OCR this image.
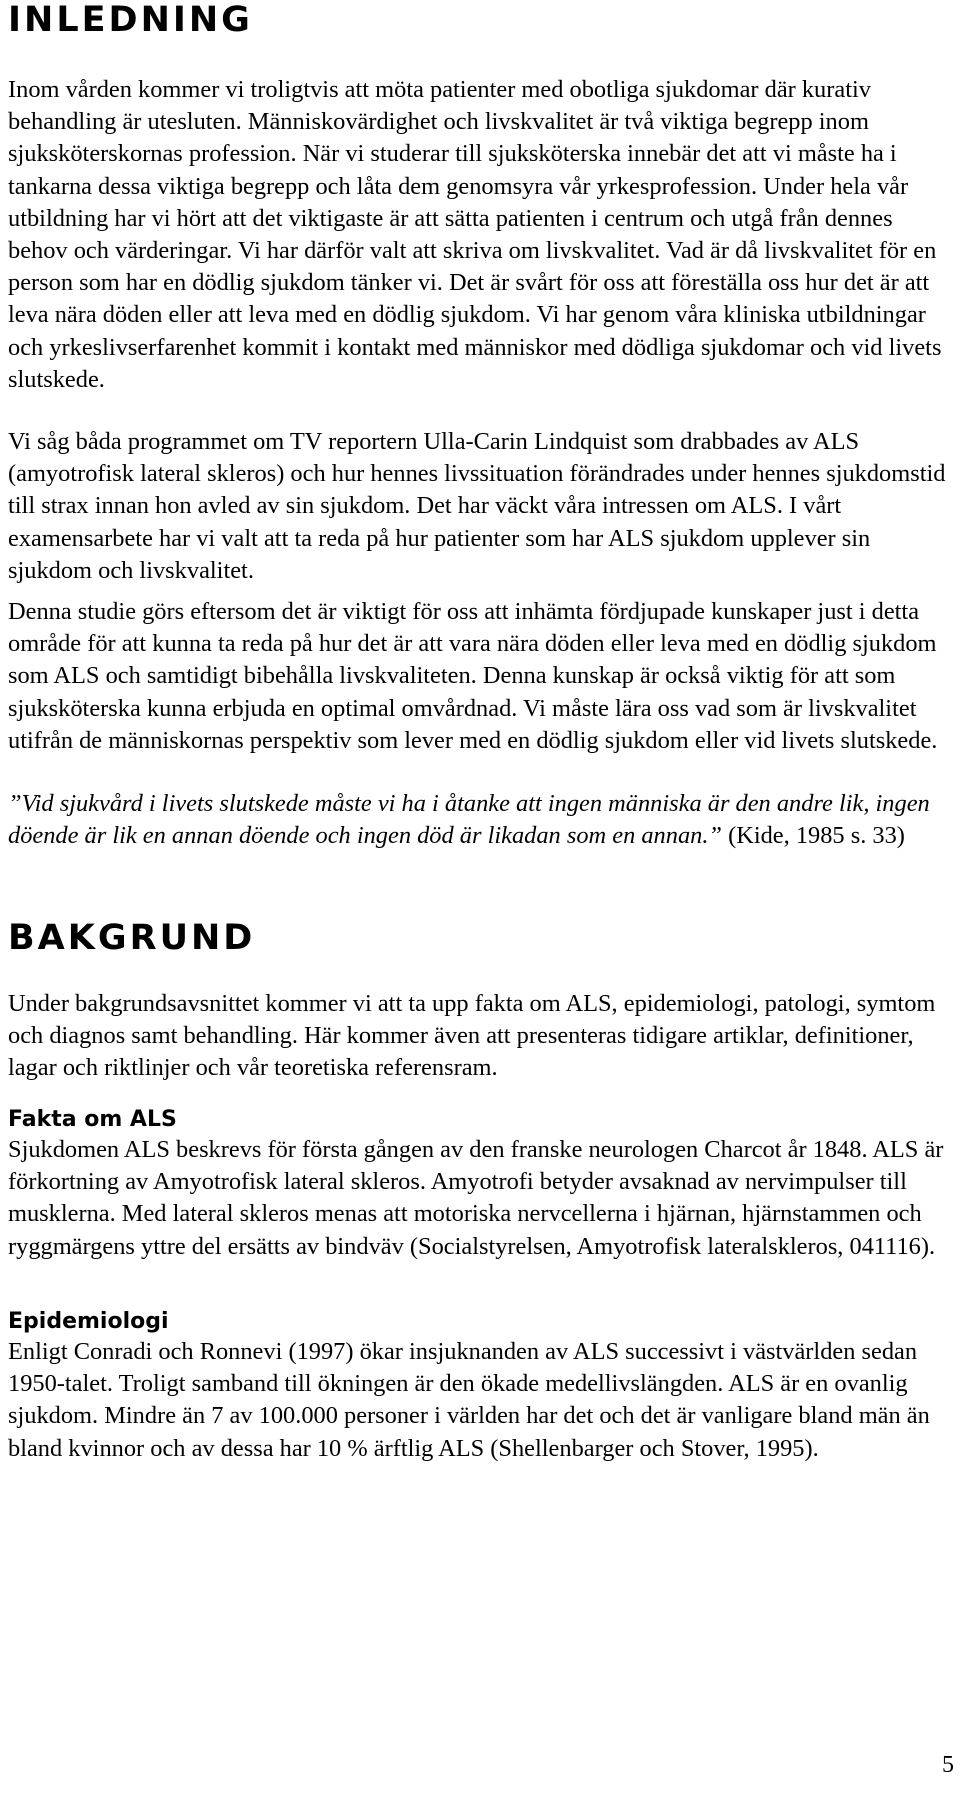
INLEDNING

Inom vården kommer vi troligtvis att möta patienter med obotliga sjukdomar där kurativ behandling är utesluten. Människovärdighet och livskvalitet är två viktiga begrepp inom sjuksköterskornas profession. När vi studerar till sjuksköterska innebär det att vi måste ha i tankarna dessa viktiga begrepp och låta dem genomsyra vår yrkesprofession. Under hela vår utbildning har vi hört att det viktigaste är att sätta patienten i centrum och utgå från dennes behov och värderingar. Vi har därför valt att skriva om livskvalitet. Vad är då livskvalitet för en person som har en dödlig sjukdom tänker vi. Det är svårt för oss att föreställa oss hur det är att leva nära döden eller att leva med en dödlig sjukdom. Vi har genom våra kliniska utbildningar och yrkeslivserfarenhet kommit i kontakt med människor med dödliga sjukdomar och vid livets slutskede.

Vi såg båda programmet om TV reportern Ulla-Carin Lindquist som drabbades av ALS (amyotrofisk lateral skleros) och hur hennes livssituation förändrades under hennes sjukdomstid till strax innan hon avled av sin sjukdom. Det har väckt våra intressen om ALS. I vårt examensarbete har vi valt att ta reda på hur patienter som har ALS sjukdom upplever sin sjukdom och livskvalitet.

Denna studie görs eftersom det är viktigt för oss att inhämta fördjupade kunskaper just i detta område för att kunna ta reda på hur det är att vara nära döden eller leva med en dödlig sjukdom som ALS och samtidigt bibehålla livskvaliteten. Denna kunskap är också viktig för att som sjuksköterska kunna erbjuda en optimal omvårdnad. Vi måste lära oss vad som är livskvalitet utifrån de människornas perspektiv som lever med en dödlig sjukdom eller vid livets slutskede.

”Vid sjukvård i livets slutskede måste vi ha i åtanke att ingen människa är den andre lik, ingen döende är lik en annan döende och ingen död är likadan som en annan.” (Kide, 1985 s. 33)

BAKGRUND

Under bakgrundsavsnittet kommer vi att ta upp fakta om ALS, epidemiologi, patologi, symtom och diagnos samt behandling. Här kommer även att presenteras tidigare artiklar, definitioner, lagar och riktlinjer och vår teoretiska referensram.

Fakta om ALS

Sjukdomen ALS beskrevs för första gången av den franske neurologen Charcot år 1848. ALS är förkortning av Amyotrofisk lateral skleros. Amyotrofi betyder avsaknad av nervimpulser till musklerna. Med lateral skleros menas att motoriska nervcellerna i hjärnan, hjärnstammen och ryggmärgens yttre del ersätts av bindväv (Socialstyrelsen, Amyotrofisk lateralskleros, 041116).

Epidemiologi

Enligt Conradi och Ronnevi (1997) ökar insjuknanden av ALS successivt i västvärlden sedan 1950-talet. Troligt samband till ökningen är den ökade medellivslängden. ALS är en ovanlig sjukdom. Mindre än 7 av 100.000 personer i världen har det och det är vanligare bland män än bland kvinnor och av dessa har 10 % ärftlig ALS (Shellenbarger och Stover, 1995).

5
